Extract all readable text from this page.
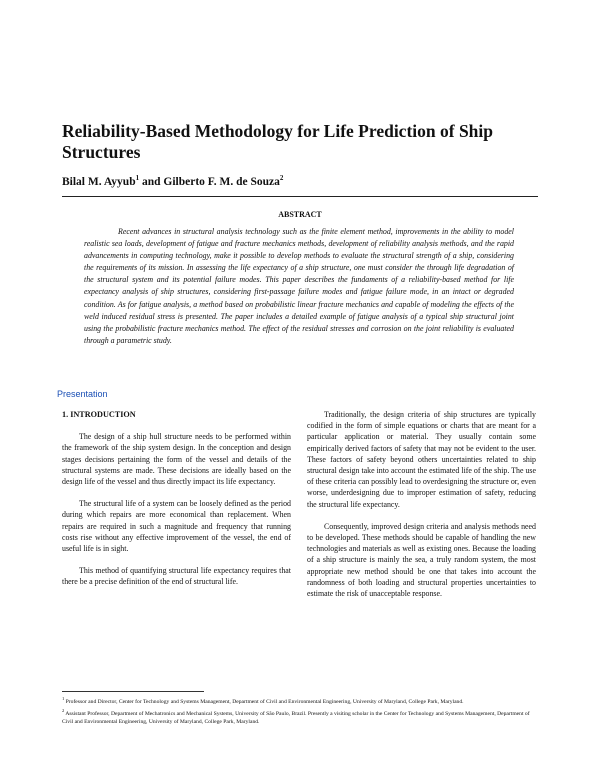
Reliability-Based Methodology for Life Prediction of Ship Structures
Bilal M. Ayyub$^1$ and Gilberto F. M. de Souza$^2$
ABSTRACT

Recent advances in structural analysis technology such as the finite element method, improvements in the ability to model realistic sea loads, development of fatigue and fracture mechanics methods, development of reliability analysis methods, and the rapid advancements in computing technology, make it possible to develop methods to evaluate the structural strength of a ship, considering the requirements of its mission. In assessing the life expectancy of a ship structure, one must consider the through life degradation of the structural system and its potential failure modes. This paper describes the fundaments of a reliability-based method for life expectancy analysis of ship structures, considering first-passage failure modes and fatigue failure mode, in an intact or degraded condition. As for fatigue analysis, a method based on probabilistic linear fracture mechanics and capable of modeling the effects of the weld induced residual stress is presented. The paper includes a detailed example of fatigue analysis of a typical ship structural joint using the probabilistic fracture mechanics method. The effect of the residual stresses and corrosion on the joint reliability is evaluated through a parametric study.

Presentation

1. INTRODUCTION

The design of a ship hull structure needs to be performed within the framework of the ship system design. In the conception and design stages decisions pertaining the form of the vessel and details of the structural systems are made. These decisions are ideally based on the design life of the vessel and thus directly impact its life expectancy.

The structural life of a system can be loosely defined as the period during which repairs are more economical than replacement. When repairs are required in such a magnitude and frequency that running costs rise without any effective improvement of the vessel, the end of useful life is in sight.

This method of quantifying structural life expectancy requires that there be a precise definition of the end of structural life.

Traditionally, the design criteria of ship structures are typically codified in the form of simple equations or charts that are meant for a particular application or material. They usually contain some empirically derived factors of safety that may not be evident to the user. These factors of safety beyond others uncertainties related to ship structural design take into account the estimated life of the ship. The use of these criteria can possibly lead to overdesigning the structure or, even worse, underdesigning due to improper estimation of safety, reducing the structural life expectancy.

Consequently, improved design criteria and analysis methods need to be developed. These methods should be capable of handling the new technologies and materials as well as existing ones. Because the loading of a ship structure is mainly the sea, a truly random system, the most appropriate new method should be one that takes into account the randomness of both loading and structural properties uncertainties to estimate the risk of unacceptable response.

$^1$ Professor and Director, Center for Technology and Systems Management, Department of Civil and Environmental Engineering, University of Maryland, College Park, Maryland.

$^2$ Assistant Professor, Department of Mechatronics and Mechanical Systems, University of São Paulo, Brazil. Presently a visiting scholar in the Center for Technology and Systems Management, Department of Civil and Environmental Engineering, University of Maryland, College Park, Maryland.
